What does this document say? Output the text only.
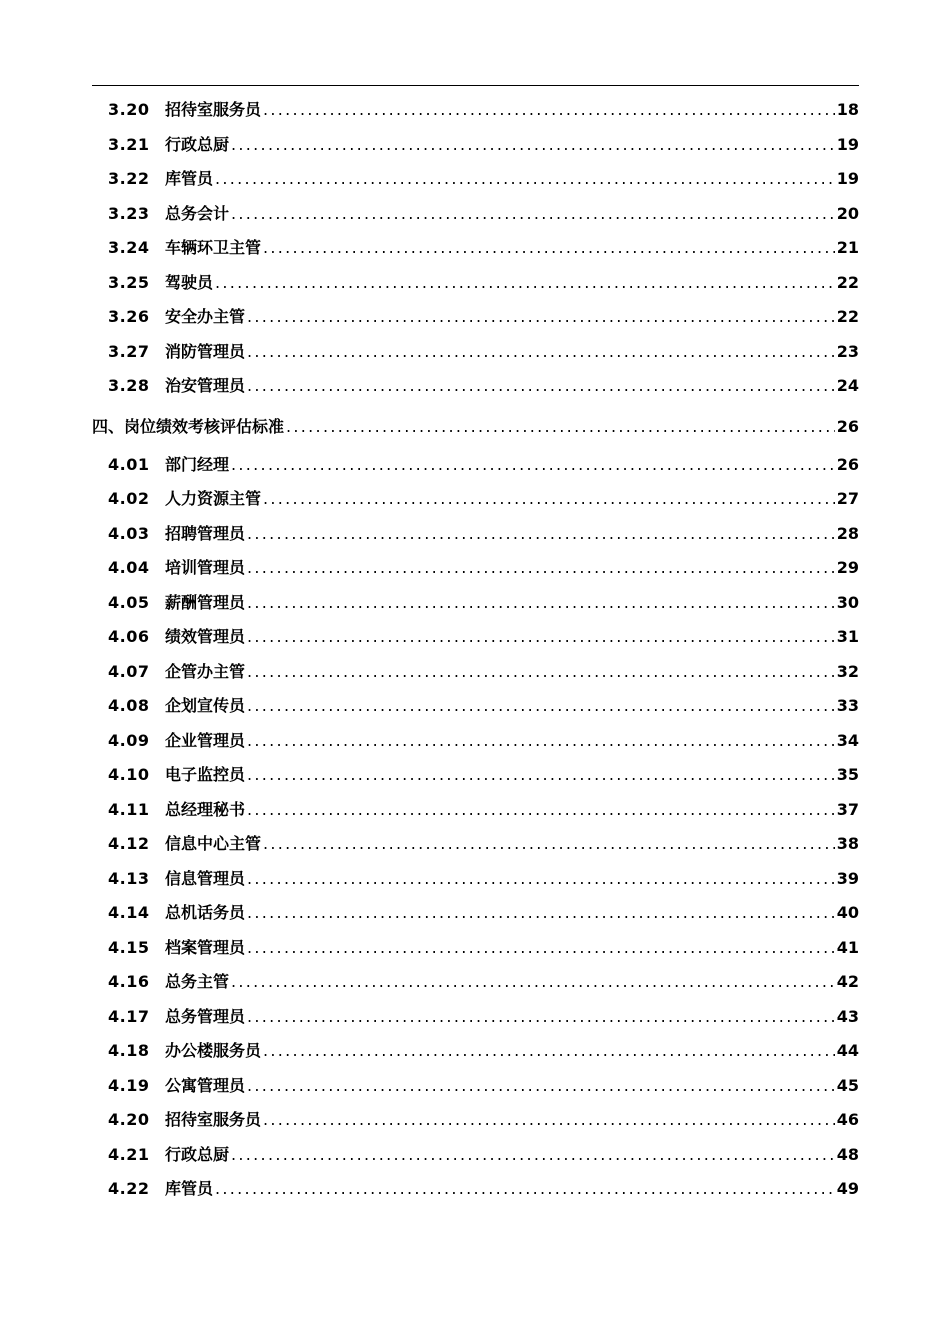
3.20 招待室服务员 .....	18
3.21 行政总厨 .....	19
3.22 库管员 .....	19
3.23 总务会计 .....	20
3.24 车辆环卫主管 .....	21
3.25 驾驶员 .....	22
3.26 安全办主管 .....	22
3.27 消防管理员 .....	23
3.28 治安管理员 .....	24
四、岗位绩效考核评估标准 .....	26
4.01 部门经理 .....	26
4.02 人力资源主管 .....	27
4.03 招聘管理员 .....	28
4.04 培训管理员 .....	29
4.05 薪酬管理员 .....	30
4.06 绩效管理员 .....	31
4.07 企管办主管 .....	32
4.08 企划宣传员 .....	33
4.09 企业管理员 .....	34
4.10 电子监控员 .....	35
4.11 总经理秘书 .....	37
4.12 信息中心主管 .....	38
4.13 信息管理员 .....	39
4.14 总机话务员 .....	40
4.15 档案管理员 .....	41
4.16 总务主管 .....	42
4.17 总务管理员 .....	43
4.18 办公楼服务员 .....	44
4.19 公寓管理员 .....	45
4.20 招待室服务员 .....	46
4.21 行政总厨 .....	48
4.22 库管员 .....	49
